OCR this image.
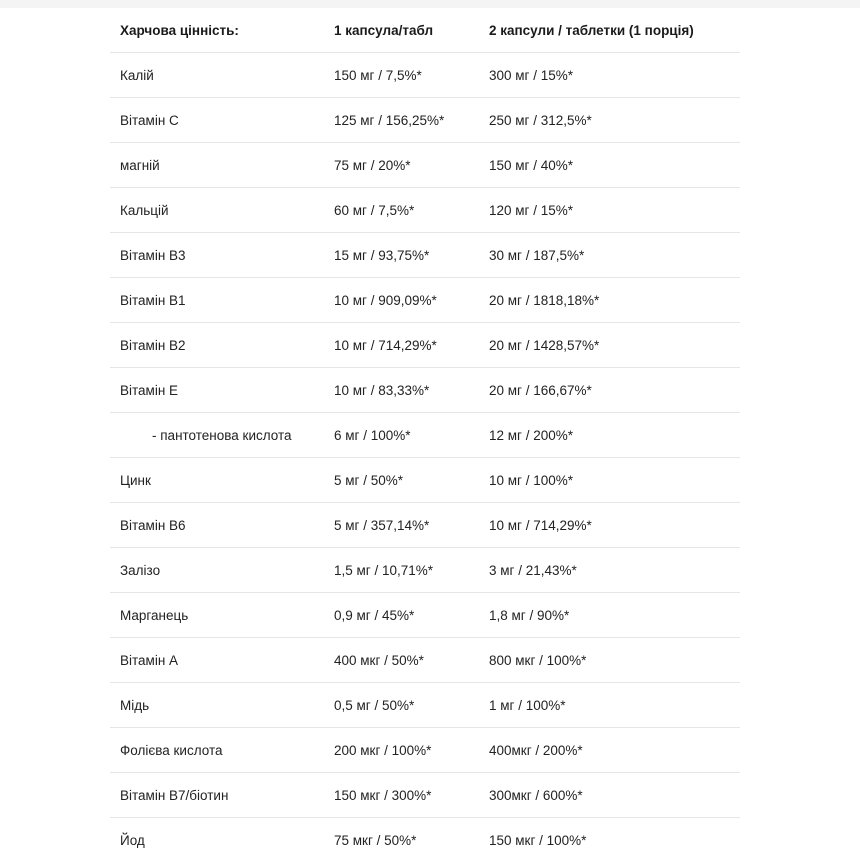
Харчова цінність:	1 капсула/табл	2 капсули / таблетки (1 порція)
Калій	150 мг / 7,5%*	300 мг / 15%*
Вітамін С	125 мг / 156,25%*	250 мг / 312,5%*
магній	75 мг / 20%*	150 мг / 40%*
Кальцій	60 мг / 7,5%*	120 мг / 15%*
Вітамін В3	15 мг / 93,75%*	30 мг / 187,5%*
Вітамін В1	10 мг / 909,09%*	20 мг / 1818,18%*
Вітамін В2	10 мг / 714,29%*	20 мг / 1428,57%*
Вітамін Е	10 мг / 83,33%*	20 мг / 166,67%*
- пантотенова кислота	6 мг / 100%*	12 мг / 200%*
Цинк	5 мг / 50%*	10 мг / 100%*
Вітамін В6	5 мг / 357,14%*	10 мг / 714,29%*
Залізо	1,5 мг / 10,71%*	3 мг / 21,43%*
Марганець	0,9 мг / 45%*	1,8 мг / 90%*
Вітамін А	400 мкг / 50%*	800 мкг / 100%*
Мідь	0,5 мг / 50%*	1 мг / 100%*
Фолієва кислота	200 мкг / 100%*	400мкг / 200%*
Вітамін В7/біотин	150 мкг / 300%*	300мкг / 600%*
Йод	75 мкг / 50%*	150 мкг / 100%*
